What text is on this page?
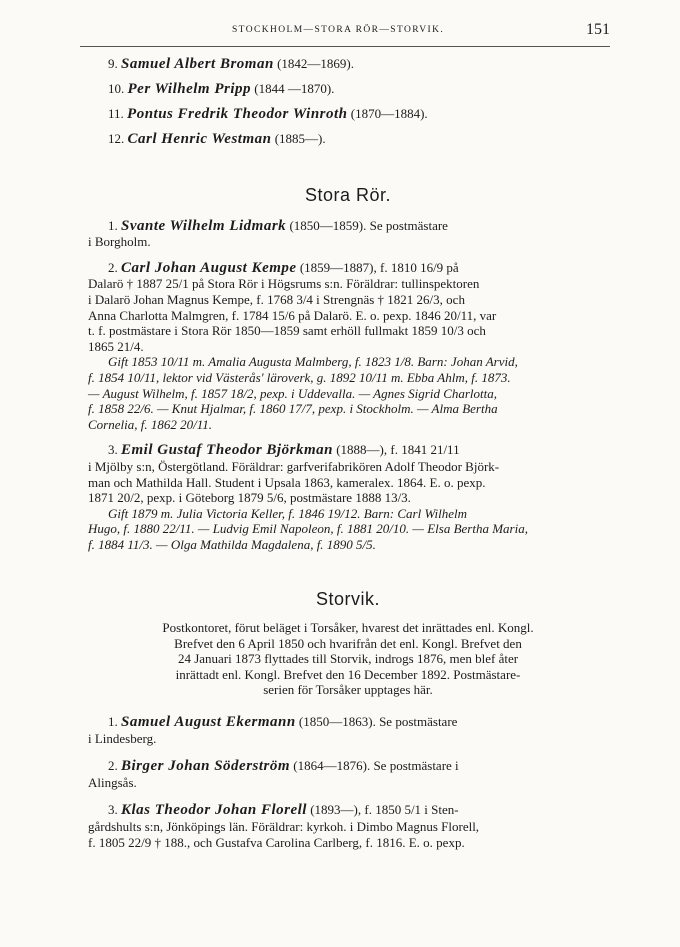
STOCKHOLM—STORA RÖR—STORVIK.	151
9. Samuel Albert Broman (1842—1869).
10. Per Wilhelm Pripp (1844 —1870).
11. Pontus Fredrik Theodor Winroth (1870—1884).
12. Carl Henric Westman (1885—).
Stora Rör.

1. Svante Wilhelm Lidmark (1850—1859). Se postmästare

i Borgholm.

2. Carl Johan August Kempe (1859—1887), f. 1810 16/9 på

Dalarö † 1887 25/1 på Stora Rör i Högsrums s:n. Föräldrar: tullinspektoren

i Dalarö Johan Magnus Kempe, f. 1768 3/4 i Strengnäs † 1821 26/3, och

Anna Charlotta Malmgren, f. 1784 15/6 på Dalarö. E. o. pexp. 1846 20/11, var

t. f. postmästare i Stora Rör 1850—1859 samt erhöll fullmakt 1859 10/3 och

1865 21/4.

Gift 1853 10/11 m. Amalia Augusta Malmberg, f. 1823 1/8. Barn: Johan Arvid,

f. 1854 10/11, lektor vid Västerås' läroverk, g. 1892 10/11 m. Ebba Ahlm, f. 1873.

— August Wilhelm, f. 1857 18/2, pexp. i Uddevalla. — Agnes Sigrid Charlotta,

f. 1858 22/6. — Knut Hjalmar, f. 1860 17/7, pexp. i Stockholm. — Alma Bertha

Cornelia, f. 1862 20/11.

3. Emil Gustaf Theodor Björkman (1888—), f. 1841 21/11

i Mjölby s:n, Östergötland. Föräldrar: garfverifabrikören Adolf Theodor Björk-

man och Mathilda Hall. Student i Upsala 1863, kameralex. 1864. E. o. pexp.

1871 20/2, pexp. i Göteborg 1879 5/6, postmästare 1888 13/3.

Gift 1879 m. Julia Victoria Keller, f. 1846 19/12. Barn: Carl Wilhelm

Hugo, f. 1880 22/11. — Ludvig Emil Napoleon, f. 1881 20/10. — Elsa Bertha Maria,

f. 1884 11/3. — Olga Mathilda Magdalena, f. 1890 5/5.

Storvik.

Postkontoret, förut beläget i Torsåker, hvarest det inrättades enl. Kongl.

Brefvet den 6 April 1850 och hvarifrån det enl. Kongl. Brefvet den

24 Januari 1873 flyttades till Storvik, indrogs 1876, men blef åter

inrättadt enl. Kongl. Brefvet den 16 December 1892. Postmästare-

serien för Torsåker upptages här.

1. Samuel August Ekermann (1850—1863). Se postmästare

i Lindesberg.

2. Birger Johan Söderström (1864—1876). Se postmästare i

Alingsås.

3. Klas Theodor Johan Florell (1893—), f. 1850 5/1 i Sten-

gårdshults s:n, Jönköpings län. Föräldrar: kyrkoh. i Dimbo Magnus Florell,

f. 1805 22/9 † 188., och Gustafva Carolina Carlberg, f. 1816. E. o. pexp.
